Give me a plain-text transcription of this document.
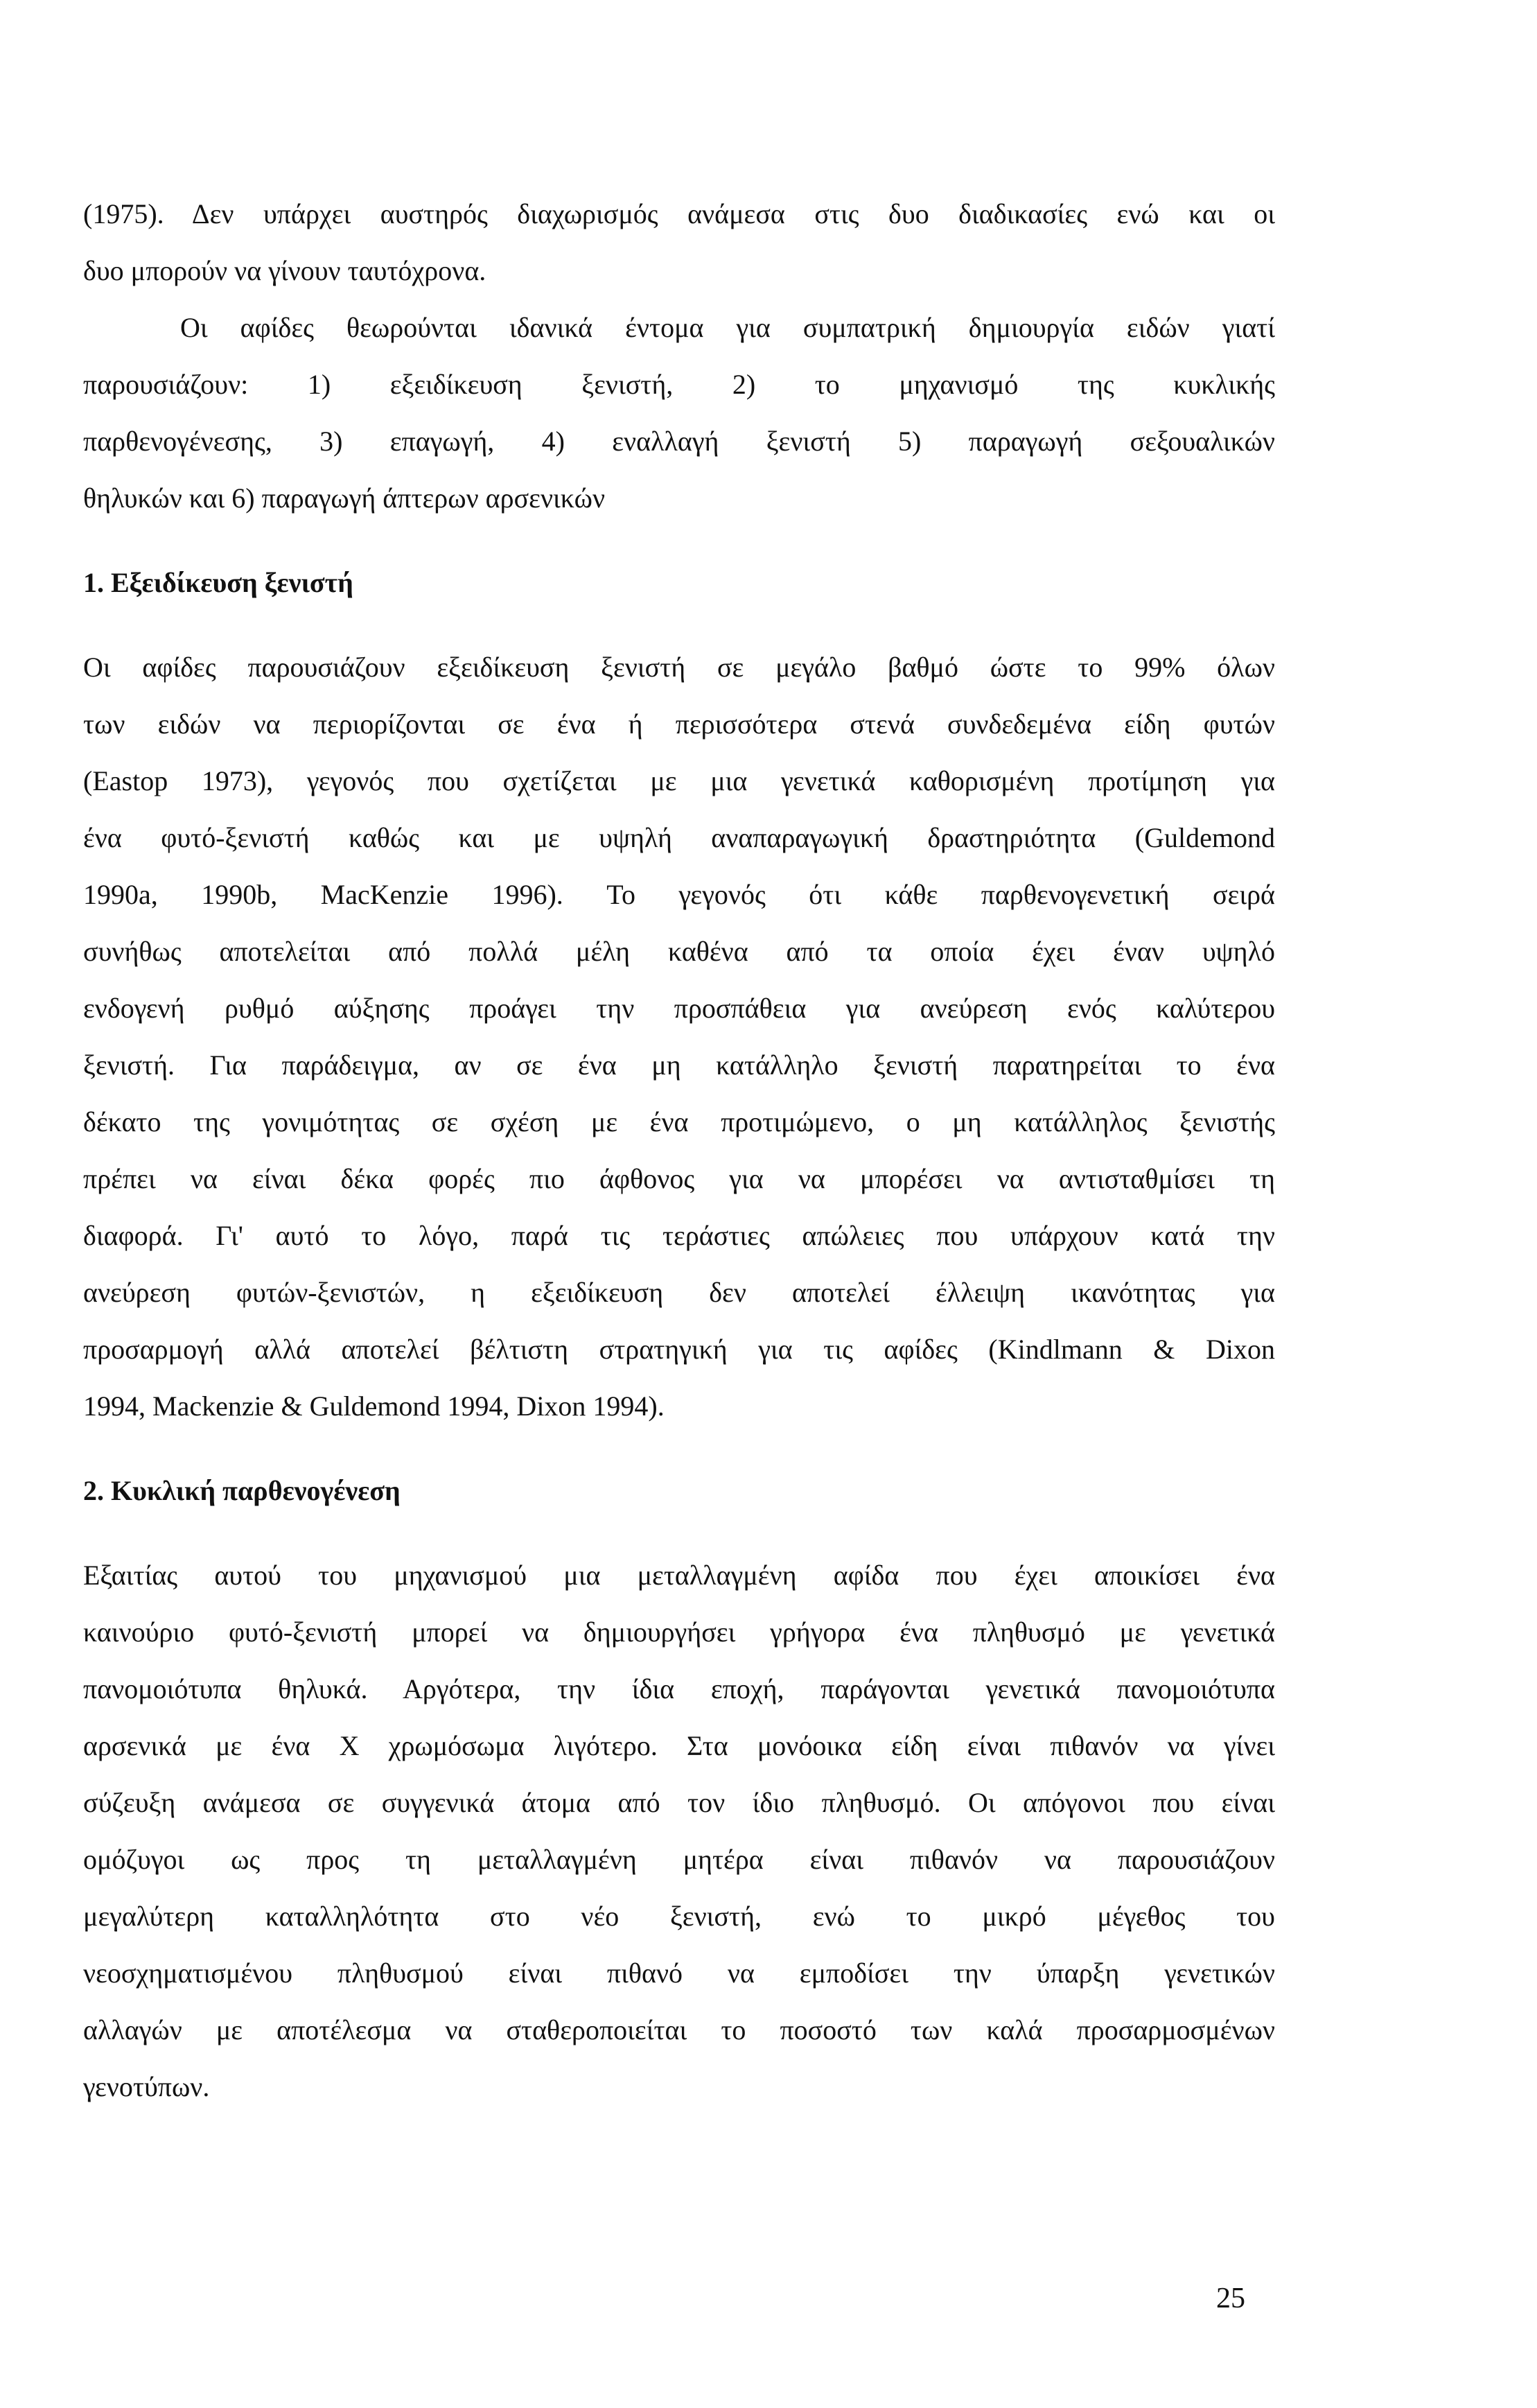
(1975). Δεν υπάρχει αυστηρός διαχωρισμός ανάμεσα στις δυο διαδικασίες ενώ και οι

δυο μπορούν να γίνουν ταυτόχρονα.

Οι αφίδες θεωρούνται ιδανικά έντομα για συμπατρική δημιουργία ειδών γιατί

παρουσιάζουν: 1) εξειδίκευση ξενιστή, 2) το μηχανισμό της κυκλικής

παρθενογένεσης, 3) επαγωγή, 4) εναλλαγή ξενιστή 5) παραγωγή σεξουαλικών

θηλυκών και 6) παραγωγή άπτερων αρσενικών

1. Εξειδίκευση ξενιστή

Οι αφίδες παρουσιάζουν εξειδίκευση ξενιστή σε μεγάλο βαθμό ώστε το 99% όλων

των ειδών να περιορίζονται σε ένα ή περισσότερα στενά συνδεδεμένα είδη φυτών

(Eastop 1973), γεγονός που σχετίζεται με μια γενετικά καθορισμένη προτίμηση για

ένα φυτό-ξενιστή καθώς και με υψηλή αναπαραγωγική δραστηριότητα (Guldemond

1990a, 1990b, MacKenzie 1996). Το γεγονός ότι κάθε παρθενογενετική σειρά

συνήθως αποτελείται από πολλά μέλη καθένα από τα οποία έχει έναν υψηλό

ενδογενή ρυθμό αύξησης προάγει την προσπάθεια για ανεύρεση ενός καλύτερου

ξενιστή. Για παράδειγμα, αν σε ένα μη κατάλληλο ξενιστή παρατηρείται το ένα

δέκατο της γονιμότητας σε σχέση με ένα προτιμώμενο, ο μη κατάλληλος ξενιστής

πρέπει να είναι δέκα φορές πιο άφθονος για να μπορέσει να αντισταθμίσει τη

διαφορά. Γι' αυτό το λόγο, παρά τις τεράστιες απώλειες που υπάρχουν κατά την

ανεύρεση φυτών-ξενιστών, η εξειδίκευση δεν αποτελεί έλλειψη ικανότητας για

προσαρμογή αλλά αποτελεί βέλτιστη στρατηγική για τις αφίδες (Kindlmann & Dixon

1994, Mackenzie & Guldemond 1994, Dixon 1994).

2. Κυκλική παρθενογένεση

Εξαιτίας αυτού του μηχανισμού μια μεταλλαγμένη αφίδα που έχει αποικίσει ένα

καινούριο φυτό-ξενιστή μπορεί να δημιουργήσει γρήγορα ένα πληθυσμό με γενετικά

πανομοιότυπα θηλυκά. Αργότερα, την ίδια εποχή, παράγονται γενετικά πανομοιότυπα

αρσενικά με ένα X χρωμόσωμα λιγότερο. Στα μονόοικα είδη είναι πιθανόν να γίνει

σύζευξη ανάμεσα σε συγγενικά άτομα από τον ίδιο πληθυσμό. Οι απόγονοι που είναι

ομόζυγοι ως προς τη μεταλλαγμένη μητέρα είναι πιθανόν να παρουσιάζουν

μεγαλύτερη καταλληλότητα στο νέο ξενιστή, ενώ το μικρό μέγεθος του

νεοσχηματισμένου πληθυσμού είναι πιθανό να εμποδίσει την ύπαρξη γενετικών

αλλαγών με αποτέλεσμα να σταθεροποιείται το ποσοστό των καλά προσαρμοσμένων

γενοτύπων.

25
